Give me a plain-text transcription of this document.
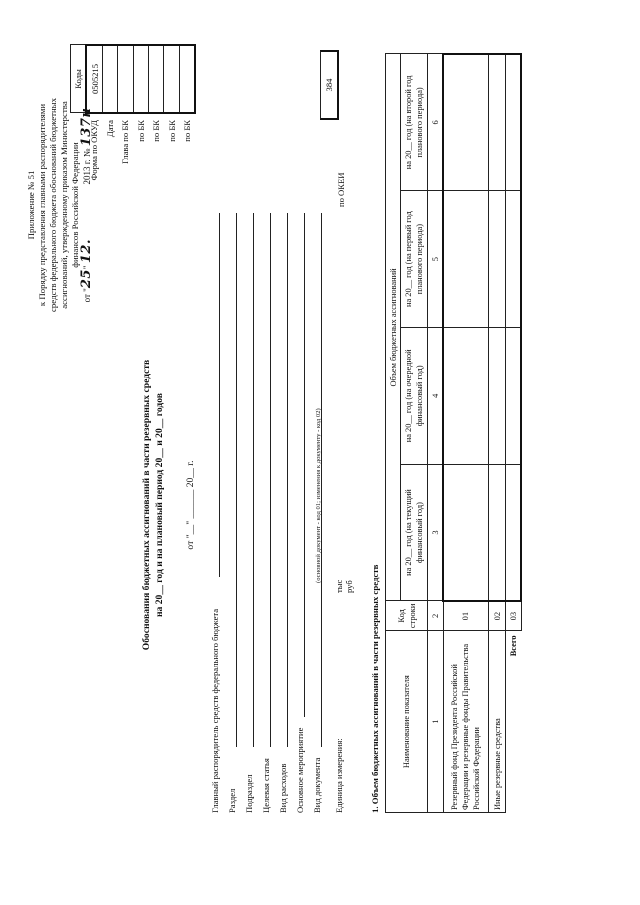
Приложение № 51 к Порядку представления главными распорядителями средств федерального бюджета обоснований бюджетных ассигнований, утвержденному приказом Министерства финансов Российской Федерации
от "25" 12.  2013 г. № 137н
Обоснования бюджетных ассигнований в части резервных средств на 20__ год и на плановый период 20__ и 20__ годов от "__" ______ 20__ г.
	Коды
Форма по ОКУД	0505215
Дата	
Глава по БК	
по БК	
по БК	
по БК	
по БК	
Главный распорядитель средств федерального бюджета Раздел Подраздел Целевая статья Вид расходов Основное мероприятие Вид документа
(основной документ - код 01; изменения к документу - код 02)
Единица измерения:
тыс руб
по ОКЕИ
384
1. Объем бюджетных ассигнований в части резервных средств	Наименование показателя	Код строки	Объем бюджетных ассигнований			
		на 20__ год (на текущий финансовый год)	на 20__ год (на очередной финансовый год)	на 20__ год (на первый год планового периода)	на 20__ год (на второй год планового периода)
1	2	3	4	5	6
Резервный фонд Президента Российской Федерации и резервные фонды Правительства Российской Федерации	01				
Иные резервные средства	02				
Всего	03				
